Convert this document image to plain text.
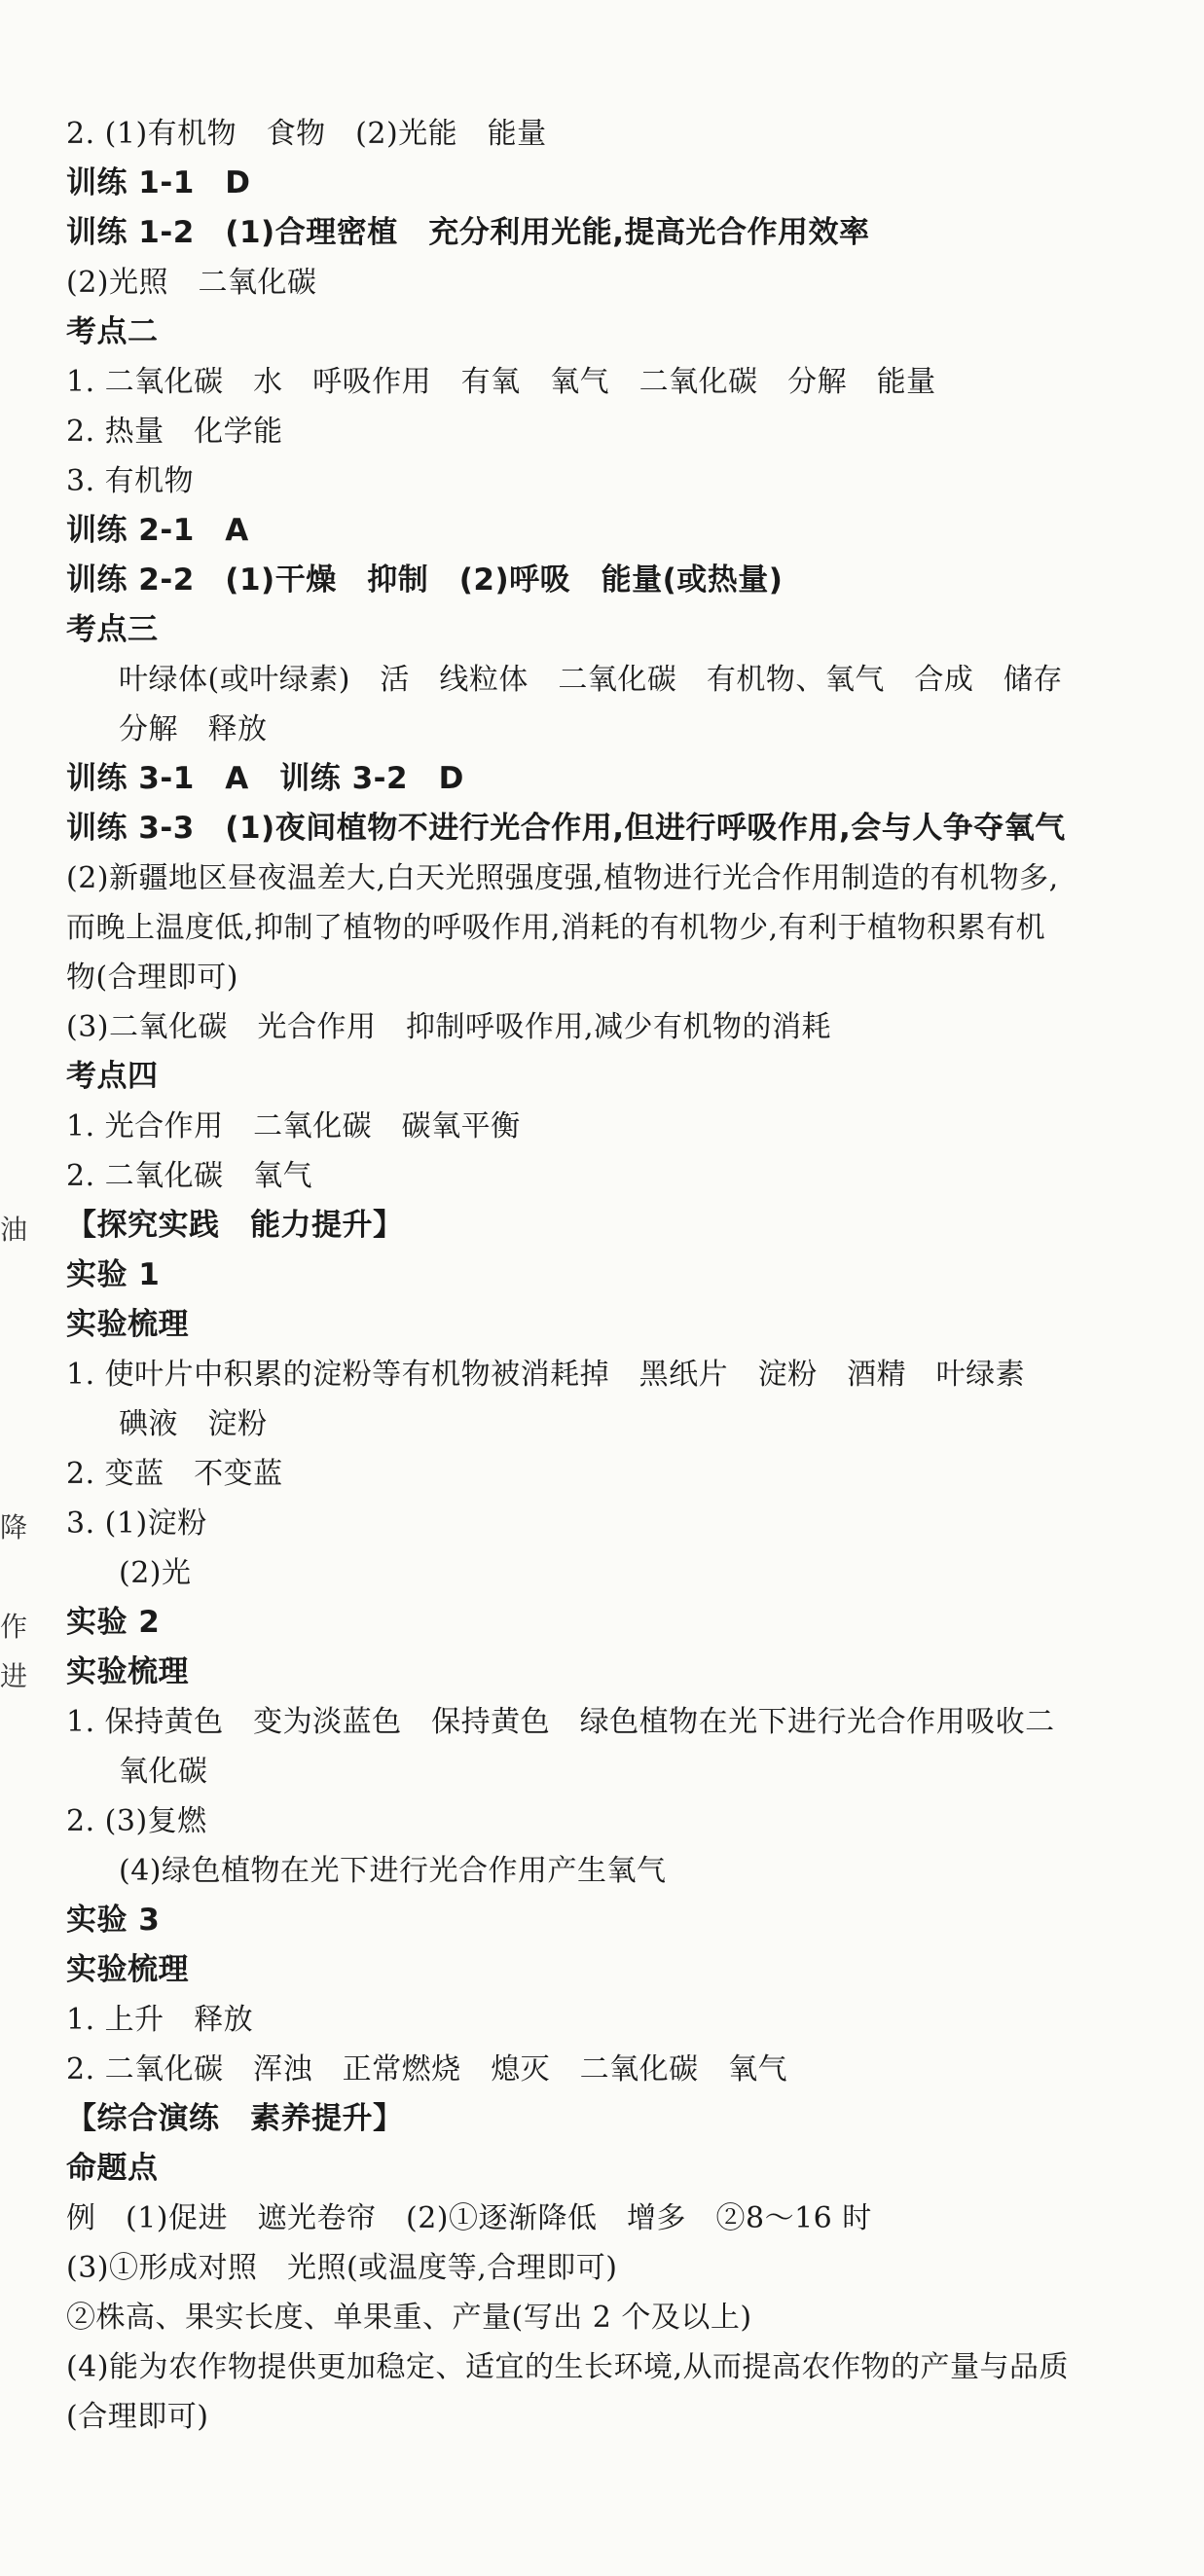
2. (1)有机物　食物　(2)光能　能量
训练 1-1　D
训练 1-2　(1)合理密植　充分利用光能,提高光合作用效率
(2)光照　二氧化碳
考点二
1. 二氧化碳　水　呼吸作用　有氧　氧气　二氧化碳　分解　能量
2. 热量　化学能
3. 有机物
训练 2-1　A
训练 2-2　(1)干燥　抑制　(2)呼吸　能量(或热量)
考点三
叶绿体(或叶绿素)　活　线粒体　二氧化碳　有机物、氧气　合成　储存
分解　释放
训练 3-1　A　训练 3-2　D
训练 3-3　(1)夜间植物不进行光合作用,但进行呼吸作用,会与人争夺氧气
(2)新疆地区昼夜温差大,白天光照强度强,植物进行光合作用制造的有机物多,
而晚上温度低,抑制了植物的呼吸作用,消耗的有机物少,有利于植物积累有机
物(合理即可)
(3)二氧化碳　光合作用　抑制呼吸作用,减少有机物的消耗
考点四
1. 光合作用　二氧化碳　碳氧平衡
2. 二氧化碳　氧气
【探究实践　能力提升】
实验 1
实验梳理
1. 使叶片中积累的淀粉等有机物被消耗掉　黑纸片　淀粉　酒精　叶绿素
碘液　淀粉
2. 变蓝　不变蓝
3. (1)淀粉
(2)光
实验 2
实验梳理
1. 保持黄色　变为淡蓝色　保持黄色　绿色植物在光下进行光合作用吸收二
氧化碳
2. (3)复燃
(4)绿色植物在光下进行光合作用产生氧气
实验 3
实验梳理
1. 上升　释放
2. 二氧化碳　浑浊　正常燃烧　熄灭　二氧化碳　氧气
【综合演练　素养提升】
命题点
例　(1)促进　遮光卷帘　(2)①逐渐降低　增多　②8～16 时
(3)①形成对照　光照(或温度等,合理即可)
②株高、果实长度、单果重、产量(写出 2 个及以上)
(4)能为农作物提供更加稳定、适宜的生长环境,从而提高农作物的产量与品质
(合理即可)
油
降
作
进
